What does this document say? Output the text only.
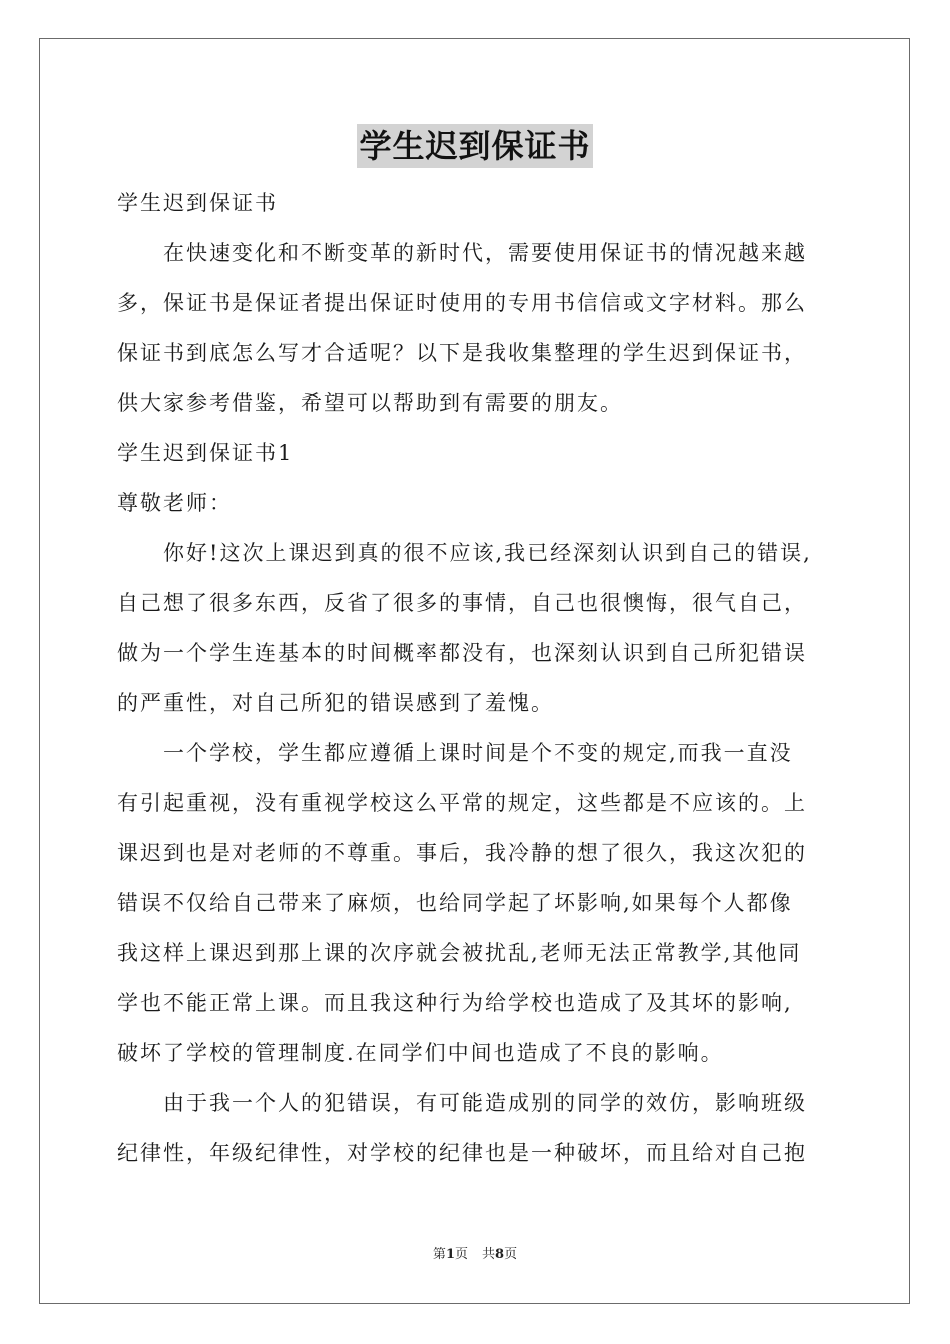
学生迟到保证书
学生迟到保证书
在快速变化和不断变革的新时代，需要使用保证书的情况越来越
多，保证书是保证者提出保证时使用的专用书信信或文字材料。那么
保证书到底怎么写才合适呢？以下是我收集整理的学生迟到保证书，
供大家参考借鉴，希望可以帮助到有需要的朋友。
学生迟到保证书1
尊敬老师：
你好!这次上课迟到真的很不应该,我已经深刻认识到自己的错误,
自己想了很多东西，反省了很多的事情，自己也很懊悔，很气自己，
做为一个学生连基本的时间概率都没有，也深刻认识到自己所犯错误
的严重性，对自己所犯的错误感到了羞愧。
一个学校，学生都应遵循上课时间是个不变的规定,而我一直没
有引起重视，没有重视学校这么平常的规定，这些都是不应该的。上
课迟到也是对老师的不尊重。事后，我冷静的想了很久，我这次犯的
错误不仅给自己带来了麻烦，也给同学起了坏影响,如果每个人都像
我这样上课迟到那上课的次序就会被扰乱,老师无法正常教学,其他同
学也不能正常上课。而且我这种行为给学校也造成了及其坏的影响,
破坏了学校的管理制度.在同学们中间也造成了不良的影响。
由于我一个人的犯错误，有可能造成别的同学的效仿，影响班级
纪律性，年级纪律性，对学校的纪律也是一种破坏，而且给对自己抱
第1页 共8页
